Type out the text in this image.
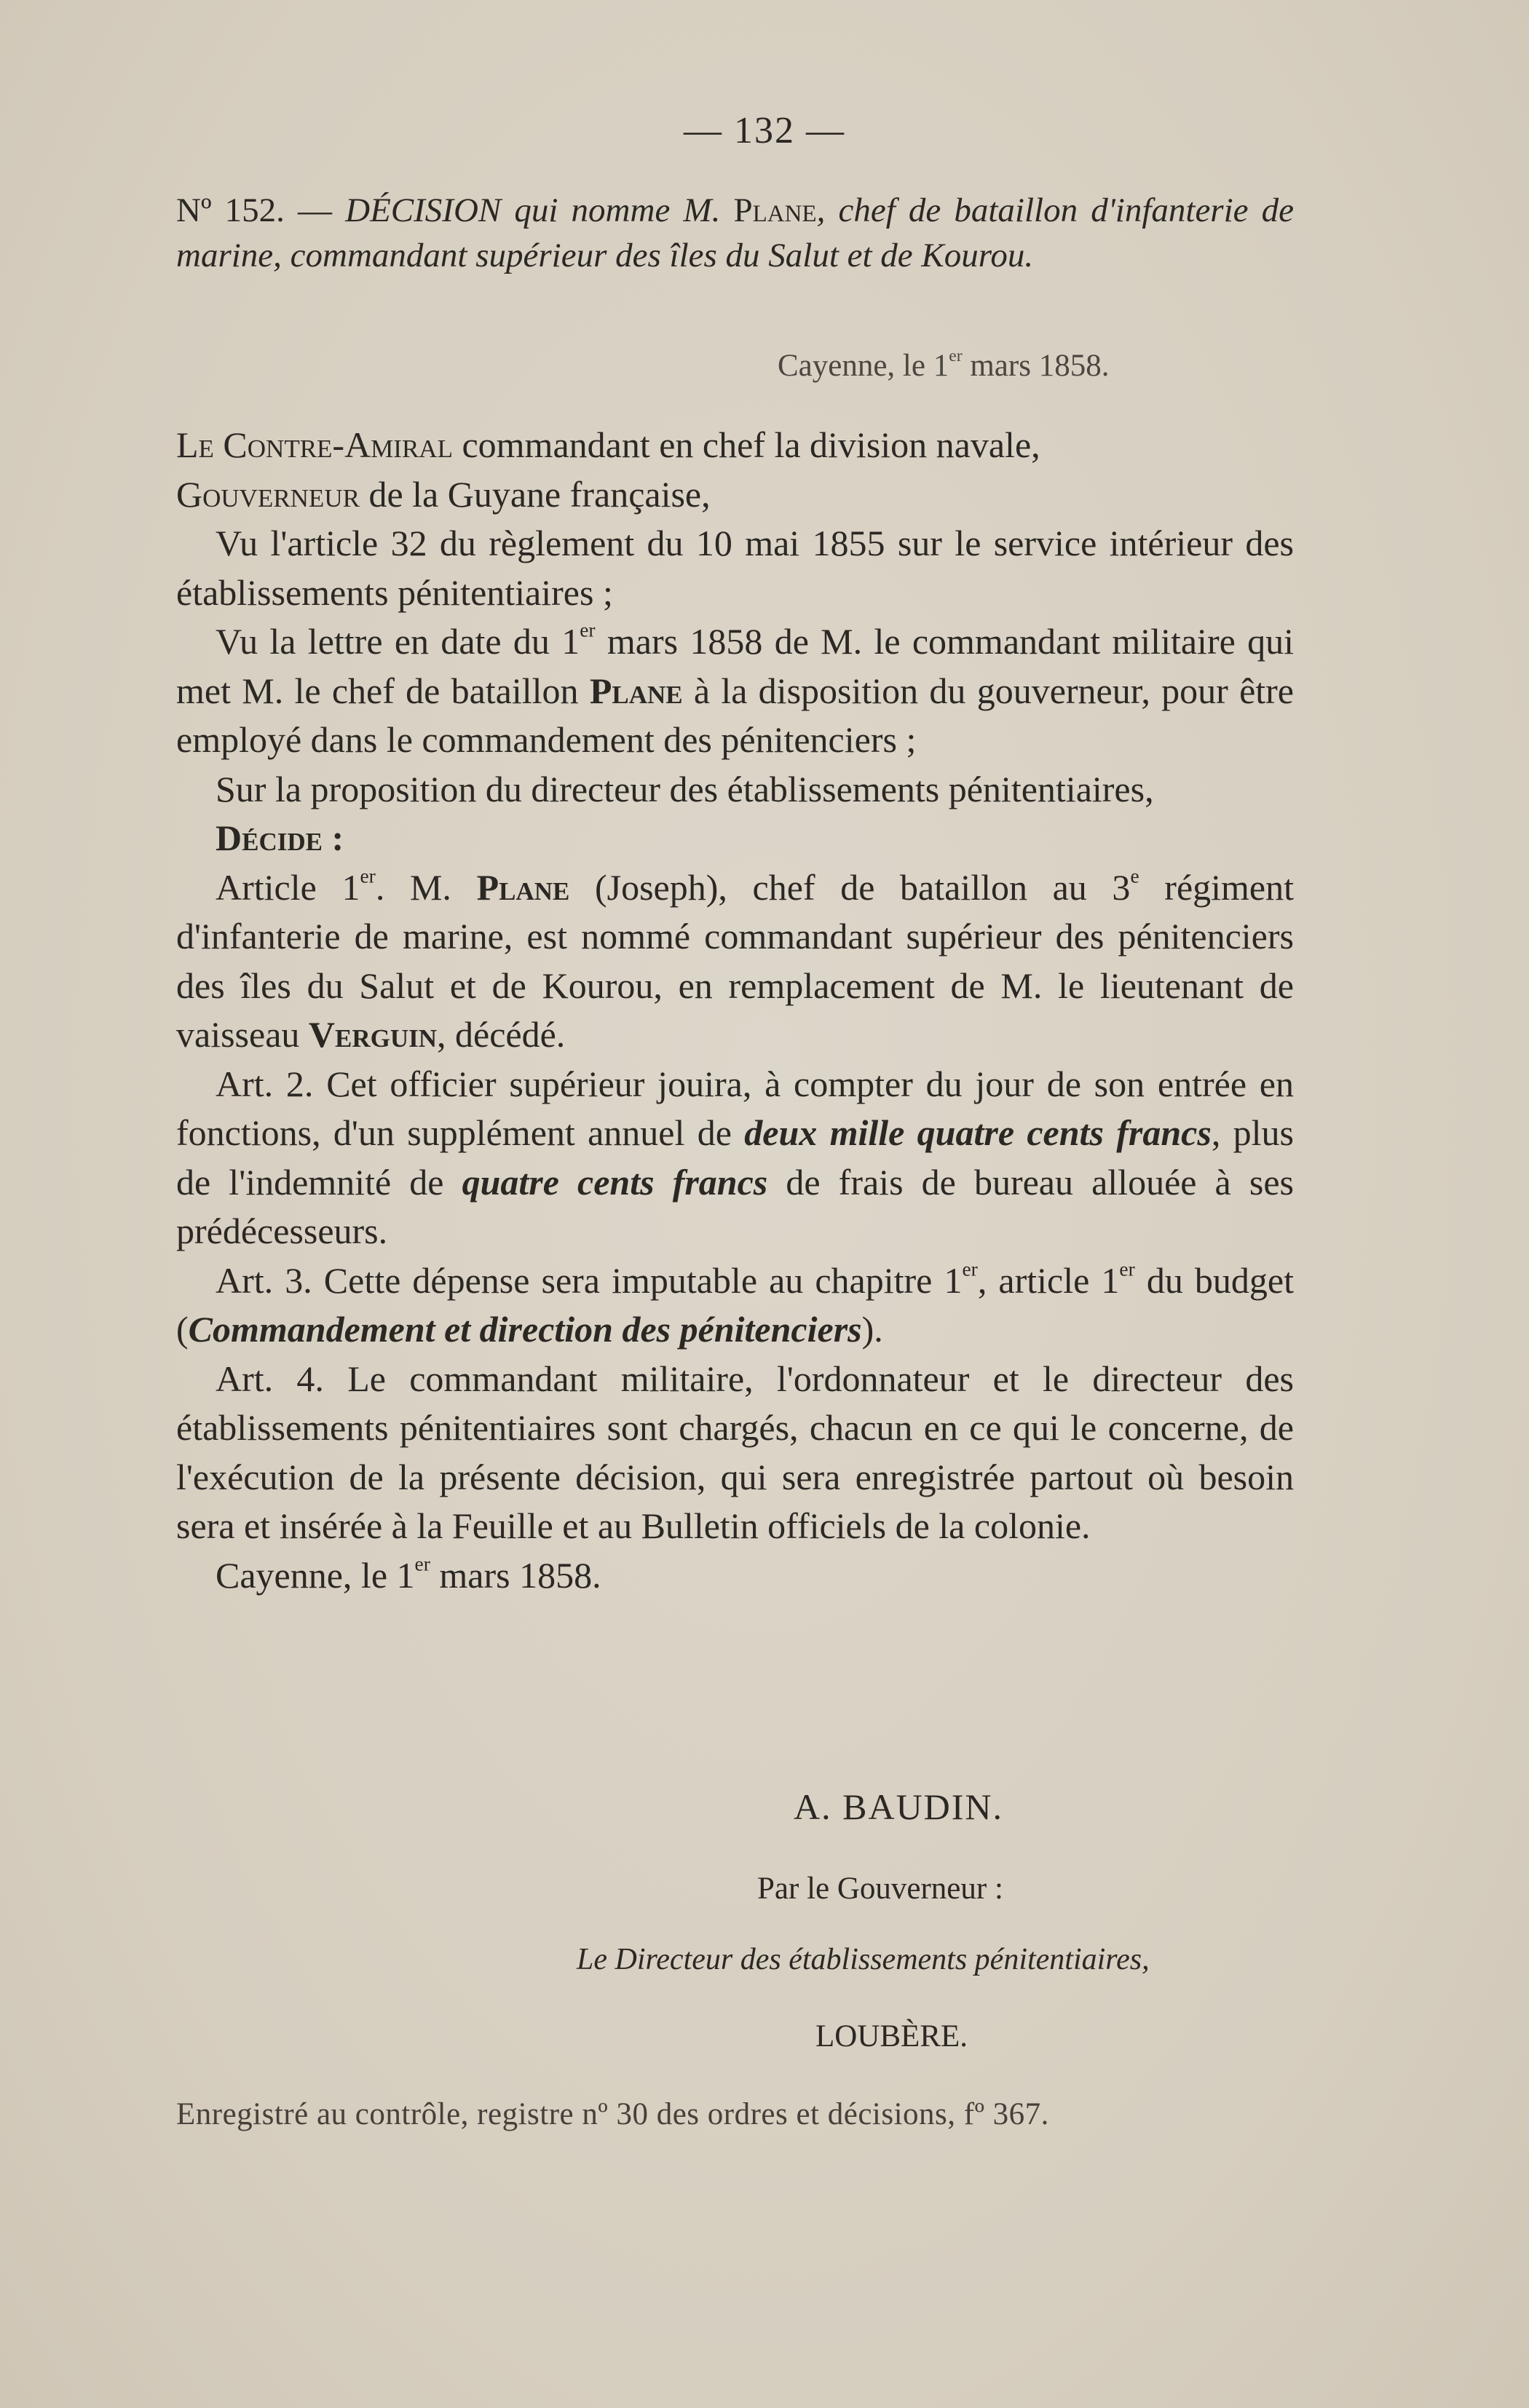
— 132 —
Nº 152. — DÉCISION qui nomme M. Plane, chef de bataillon d'infanterie de marine, commandant supérieur des îles du Salut et de Kourou.
Cayenne, le 1er mars 1858.

Le Contre-Amiral commandant en chef la division navale,

Gouverneur de la Guyane française,

Vu l'article 32 du règlement du 10 mai 1855 sur le service intérieur des établissements pénitentiaires ;

Vu la lettre en date du 1er mars 1858 de M. le commandant militaire qui met M. le chef de bataillon Plane à la disposition du gouverneur, pour être employé dans le commandement des pénitenciers ;

Sur la proposition du directeur des établissements pénitentiaires,

Décide :

Article 1er. M. Plane (Joseph), chef de bataillon au 3e régiment d'infanterie de marine, est nommé commandant supérieur des pénitenciers des îles du Salut et de Kourou, en remplacement de M. le lieutenant de vaisseau Verguin, décédé.

Art. 2. Cet officier supérieur jouira, à compter du jour de son entrée en fonctions, d'un supplément annuel de deux mille quatre cents francs, plus de l'indemnité de quatre cents francs de frais de bureau allouée à ses prédécesseurs.

Art. 3. Cette dépense sera imputable au chapitre 1er, article 1er du budget (Commandement et direction des pénitenciers).

Art. 4. Le commandant militaire, l'ordonnateur et le directeur des établissements pénitentiaires sont chargés, chacun en ce qui le concerne, de l'exécution de la présente décision, qui sera enregistrée partout où besoin sera et insérée à la Feuille et au Bulletin officiels de la colonie.

Cayenne, le 1er mars 1858.

A. BAUDIN.
Par le Gouverneur :
Le Directeur des établissements pénitentiaires,
LOUBÈRE.
Enregistré au contrôle, registre nº 30 des ordres et décisions, fº 367.
